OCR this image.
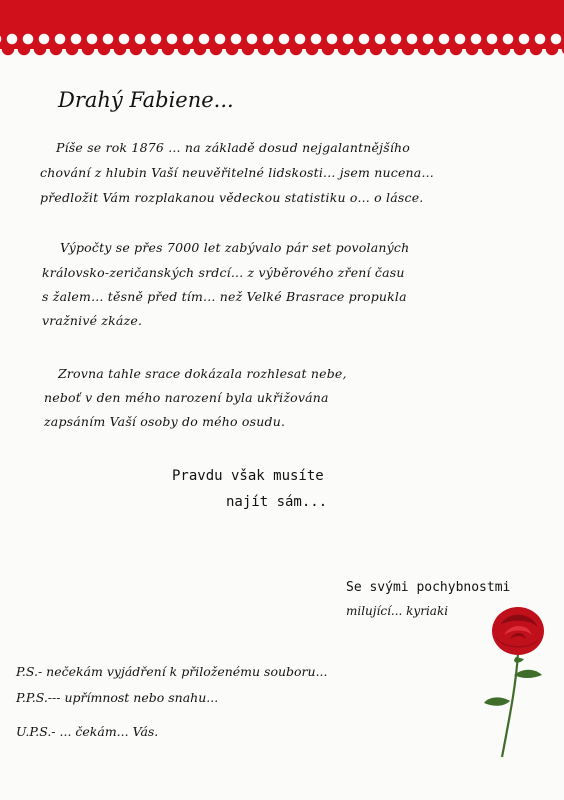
Drahý Fabiene...

Píše se rok 1876 ... na základě dosud nejgalantnějšího

chování z hlubin Vaší neuvěřitelné lidskosti... jsem nucena...

předložit Vám rozplakanou vědeckou statistiku o... o lásce.

Výpočty se přes 7000 let zabývalo pár set povolaných

královsko-zeričanských srdcí... z výběrového zření času

s žalem... těsně před tím... než Velké Brasrace propukla

vražnivé zkáze.

Zrovna tahle srace dokázala rozhlesat nebe,

neboť v den mého narození byla ukřižována

zapsáním Vaší osoby do mého osudu.

Pravdu však musíte

najít sám...

Se svými pochybnostmi

milující... kyriaki

P.S.- nečekám vyjádření k přiloženému souboru...

P.P.S.--- upřímnost nebo snahu...

U.P.S.- ... čekám... Vás.
